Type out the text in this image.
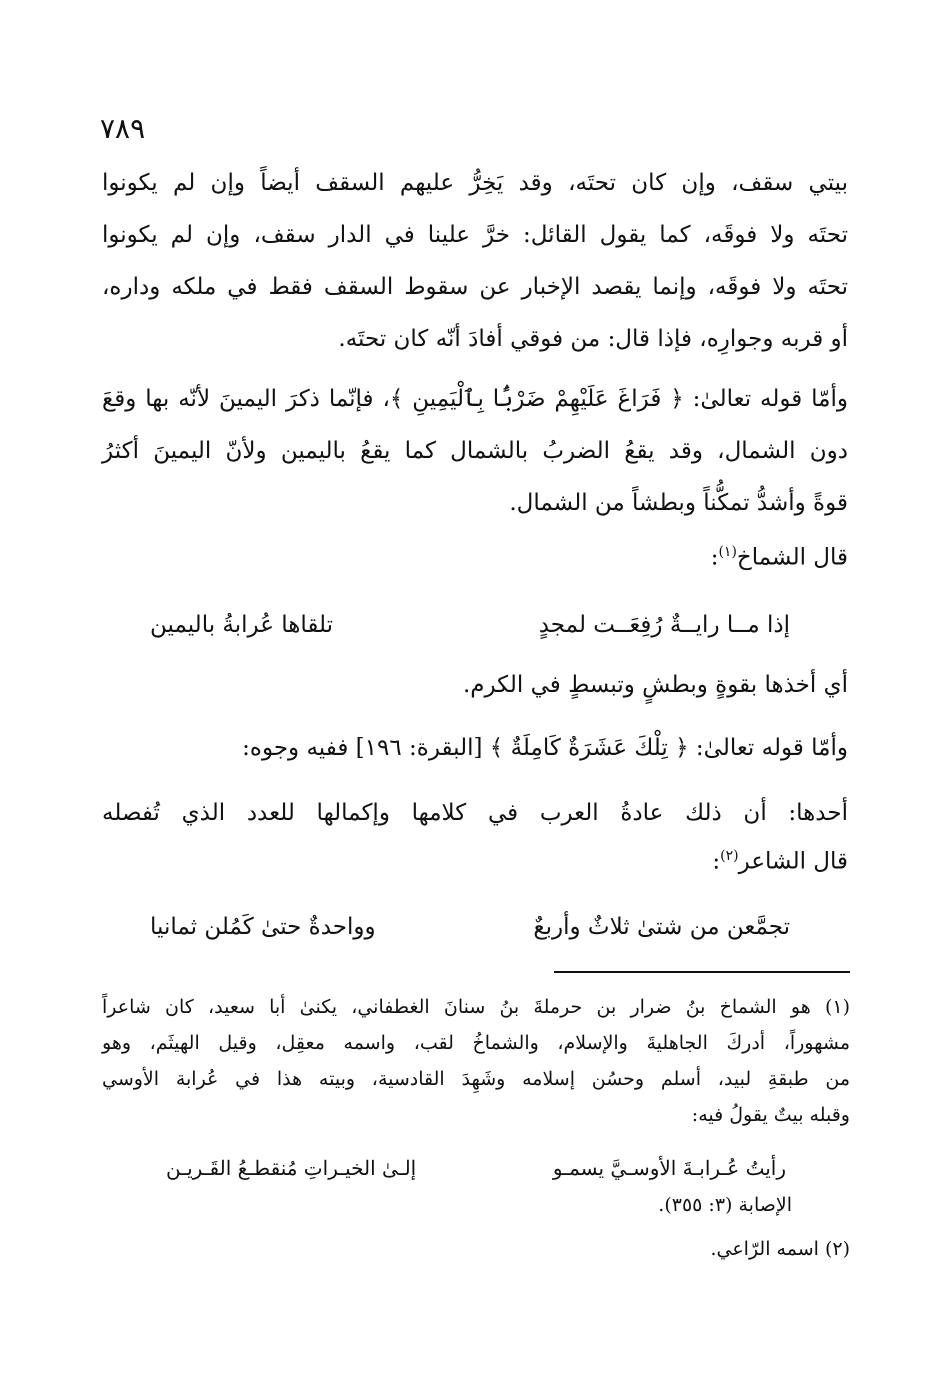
٧٨٩
بيتي سقف، وإن كان تحتَه، وقد يَخِرُّ عليهم السقف أيضاً وإن لم يكونوا
تحتَه ولا فوقَه، كما يقول القائل: خرَّ علينا في الدار سقف، وإن لم يكونوا
تحتَه ولا فوقَه، وإنما يقصد الإخبار عن سقوط السقف فقط في ملكه وداره،
أو قربه وجوارِه، فإذا قال: من فوقي أفادَ أنّه كان تحتَه.
وأمّا قوله تعالىٰ: ﴿ فَرَاغَ عَلَيْهِمْ ضَرْبًۢا بِٱلْيَمِينِ ﴾، فإنّما ذكرَ اليمينَ لأنّه بها وقعَ
دون الشمال، وقد يقعُ الضربُ بالشمال كما يقعُ باليمين ولأنّ اليمينَ أكثرُ
قوةً وأشدُّ تمكُّناً وبطشاً من الشمال.
قال الشماخ$^{(١)}$:
إذا مــا رايــةٌ رُفِعَــت لمجدٍ
تلقاها عُرابةُ باليمين
أي أخذها بقوةٍ وبطشٍ وتبسطٍ في الكرم.
وأمّا قوله تعالىٰ: ﴿ تِلْكَ عَشَرَةٌ كَامِلَةٌ ﴾ [البقرة: ١٩٦] ففيه وجوه:
أحدها: أن ذلك عادةُ العرب في كلامها وإكمالها للعدد الذي تُفصله
قال الشاعر$^{(٢)}$:
تجمَّعن من شتىٰ ثلاثٌ وأربعٌ
وواحدةٌ حتىٰ كَمُلن ثمانيا
(١) هو الشماخ بنُ ضرار بن حرملةَ بنُ سنانَ الغطفاني، يكنىٰ أبا سعيد، كان شاعراً
مشهوراً، أدركَ الجاهليةَ والإسلام، والشماخُ لقب، واسمه معقِل، وقيل الهيثَم، وهو
من طبقةِ لبيد، أسلم وحسُن إسلامه وشَهِدَ القادسية، وبيته هذا في عُرابة الأوسي
وقبله بيتٌ يقولُ فيه:
رأيتُ عُـرابـةَ الأوسـيَّ يسمـو
إلـىٰ الخيـراتِ مُنقطـعُ القَـريـن
الإصابة (٣: ٣٥٥).
(٢) اسمه الرّاعي.
